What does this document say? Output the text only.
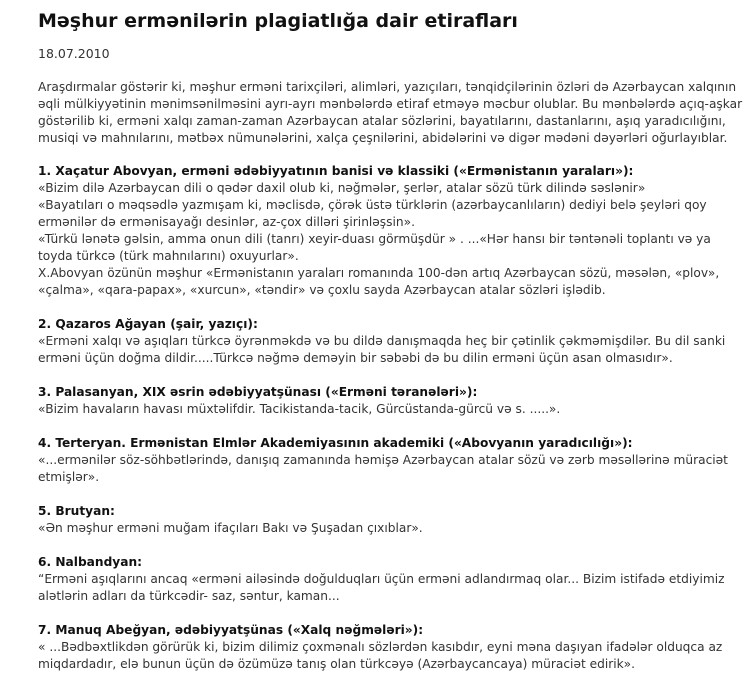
Məşhur ermənilərin plagiatlığa dair etirafları
18.07.2010
Araşdırmalar göstərir ki, məşhur erməni tarixçiləri, alimləri, yazıçıları, tənqidçilərinin özləri də Azərbaycan xalqının
əqli mülkiyyətinin mənimsənilməsini ayrı-ayrı mənbələrdə etiraf etməyə məcbur olublar. Bu mənbələrdə açıq-aşkar
göstərilib ki, erməni xalqı zaman-zaman Azərbaycan atalar sözlərini, bayatılarını, dastanlarını, aşıq yaradıcılığını,
musiqi və mahnılarını, mətbəx nümunələrini, xalça çeşnilərini, abidələrini və digər mədəni dəyərləri oğurlayıblar.
1. Xaçatur Abovyan, erməni ədəbiyyatının banisi və klassiki («Ermənistanın yaraları»):
«Bizim dilə Azərbaycan dili o qədər daxil olub ki, nəğmələr, şerlər, atalar sözü türk dilində səslənir»
«Bayatıları o məqsədlə yazmışam ki, məclisdə, çörək üstə türklərin (azərbaycanlıların) dediyi belə şeyləri qoy
ermənilər də ermənisayağı desinlər, az-çox dilləri şirinləşsin».
«Türkü lənətə gəlsin, amma onun dili (tanrı) xeyir-duası görmüşdür » . ...«Hər hansı bir təntənəli toplantı və ya
toyda türkcə (türk mahnılarını) oxuyurlar».
X.Abovyan özünün məşhur «Ermənistanın yaraları romanında 100-dən artıq Azərbaycan sözü, məsələn, «plov»,
«çalma», «qara-papax», «xurcun», «təndir» və çoxlu sayda Azərbaycan atalar sözləri işlədib.
2. Qazaros Ağayan (şair, yazıçı):
«Erməni xalqı və aşıqları türkcə öyrənməkdə və bu dildə danışmaqda heç bir çətinlik çəkməmişdilər. Bu dil sanki
erməni üçün doğma dildir.....Türkcə nəğmə deməyin bir səbəbi də bu dilin erməni üçün asan olmasıdır».
3. Palasanyan, XIX əsrin ədəbiyyatşünası («Erməni təranələri»):
«Bizim havaların havası müxtəlifdir. Tacikistanda-tacik, Gürcüstanda-gürcü və s. .....».
4. Terteryan. Ermənistan Elmlər Akademiyasının akademiki («Abovyanın yaradıcılığı»):
«...ermənilər söz-söhbətlərində, danışıq zamanında həmişə Azərbaycan atalar sözü və zərb məsəllərinə müraciət
etmişlər».
5. Brutyan:
«Ən məşhur erməni muğam ifaçıları Bakı və Şuşadan çıxıblar».
6. Nalbandyan:
“Erməni aşıqlarını ancaq «erməni ailəsində doğulduqları üçün erməni adlandırmaq olar... Bizim istifadə etdiyimiz
alətlərin adları da türkcədir- saz, səntur, kaman...
7. Manuq Abeğyan, ədəbiyyatşünas («Xalq nəğmələri»):
« ...Bədbəxtlikdən görürük ki, bizim dilimiz çoxmənalı sözlərdən kasıbdır, eyni məna daşıyan ifadələr olduqca az
miqdardadır, elə bunun üçün də özümüzə tanış olan türkcəyə (Azərbaycancaya) müraciət edirik».
